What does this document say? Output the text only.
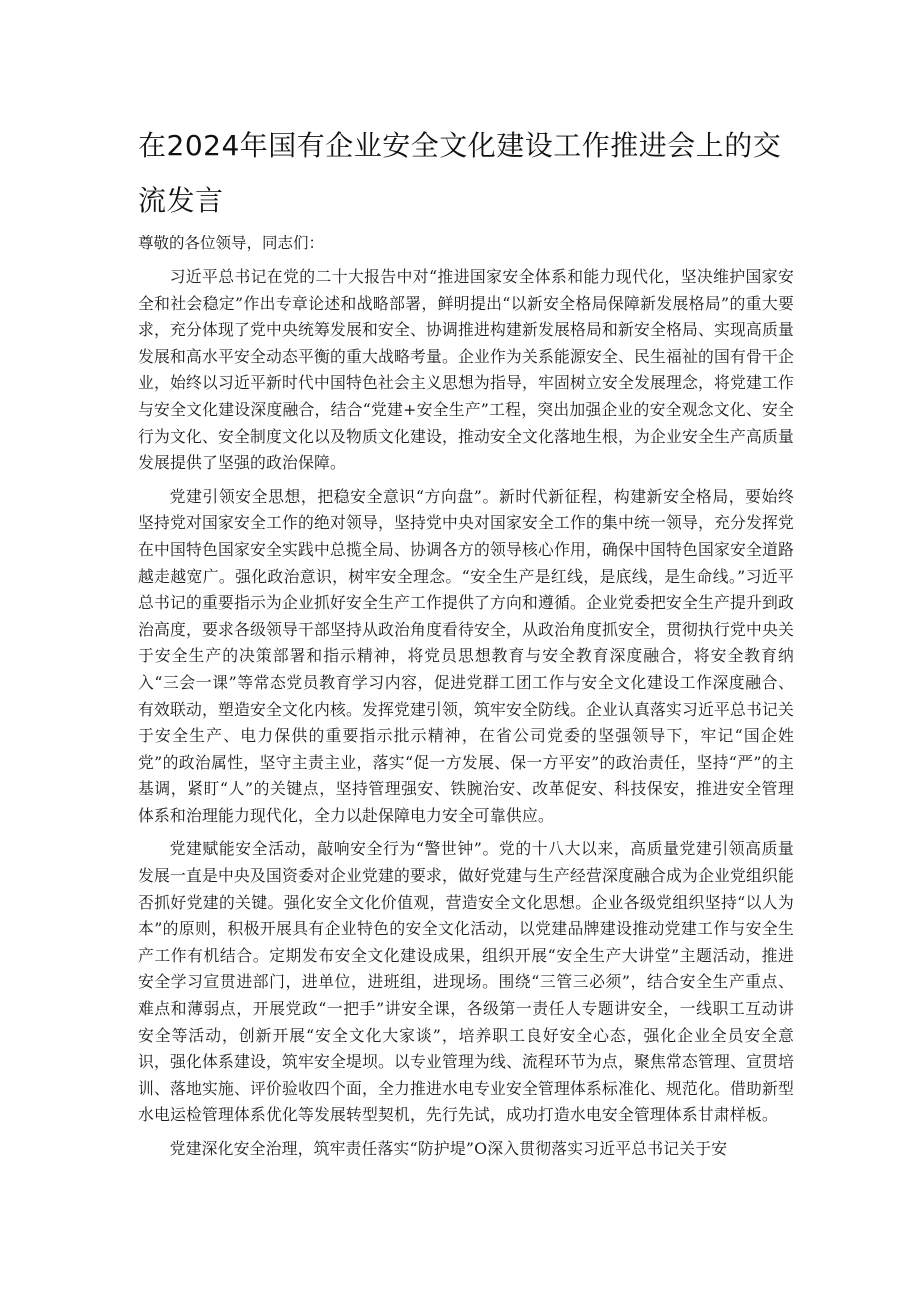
在2024年国有企业安全文化建设工作推进会上的交流发言

尊敬的各位领导，同志们：

习近平总书记在党的二十大报告中对“推进国家安全体系和能力现代化，坚决维护国家安全和社会稳定”作出专章论述和战略部署，鲜明提出“以新安全格局保障新发展格局”的重大要求，充分体现了党中央统筹发展和安全、协调推进构建新发展格局和新安全格局、实现高质量发展和高水平安全动态平衡的重大战略考量。企业作为关系能源安全、民生福祉的国有骨干企业，始终以习近平新时代中国特色社会主义思想为指导，牢固树立安全发展理念，将党建工作与安全文化建设深度融合，结合“党建+安全生产”工程，突出加强企业的安全观念文化、安全行为文化、安全制度文化以及物质文化建设，推动安全文化落地生根，为企业安全生产高质量发展提供了坚强的政治保障。

党建引领安全思想，把稳安全意识“方向盘”。新时代新征程，构建新安全格局，要始终坚持党对国家安全工作的绝对领导，坚持党中央对国家安全工作的集中统一领导，充分发挥党在中国特色国家安全实践中总揽全局、协调各方的领导核心作用，确保中国特色国家安全道路越走越宽广。强化政治意识，树牢安全理念。“安全生产是红线，是底线，是生命线。”习近平总书记的重要指示为企业抓好安全生产工作提供了方向和遵循。企业党委把安全生产提升到政治高度，要求各级领导干部坚持从政治角度看待安全，从政治角度抓安全，贯彻执行党中央关于安全生产的决策部署和指示精神，将党员思想教育与安全教育深度融合，将安全教育纳入“三会一课”等常态党员教育学习内容，促进党群工团工作与安全文化建设工作深度融合、有效联动，塑造安全文化内核。发挥党建引领，筑牢安全防线。企业认真落实习近平总书记关于安全生产、电力保供的重要指示批示精神，在省公司党委的坚强领导下，牢记“国企姓党”的政治属性，坚守主责主业，落实“促一方发展、保一方平安”的政治责任，坚持“严”的主基调，紧盯“人”的关键点，坚持管理强安、铁腕治安、改革促安、科技保安，推进安全管理体系和治理能力现代化，全力以赴保障电力安全可靠供应。

党建赋能安全活动，敲响安全行为“警世钟”。党的十八大以来，高质量党建引领高质量发展一直是中央及国资委对企业党建的要求，做好党建与生产经营深度融合成为企业党组织能否抓好党建的关键。强化安全文化价值观，营造安全文化思想。企业各级党组织坚持“以人为本”的原则，积极开展具有企业特色的安全文化活动，以党建品牌建设推动党建工作与安全生产工作有机结合。定期发布安全文化建设成果，组织开展“安全生产大讲堂”主题活动，推进安全学习宣贯进部门，进单位，进班组，进现场。围绕“三管三必须”，结合安全生产重点、难点和薄弱点，开展党政“一把手”讲安全课，各级第一责任人专题讲安全，一线职工互动讲安全等活动，创新开展“安全文化大家谈”，培养职工良好安全心态，强化企业全员安全意识，强化体系建设，筑牢安全堤坝。以专业管理为线、流程环节为点，聚焦常态管理、宣贯培训、落地实施、评价验收四个面，全力推进水电专业安全管理体系标准化、规范化。借助新型水电运检管理体系优化等发展转型契机，先行先试，成功打造水电安全管理体系甘肃样板。

党建深化安全治理，筑牢责任落实“防护堤”O深入贯彻落实习近平总书记关于安
